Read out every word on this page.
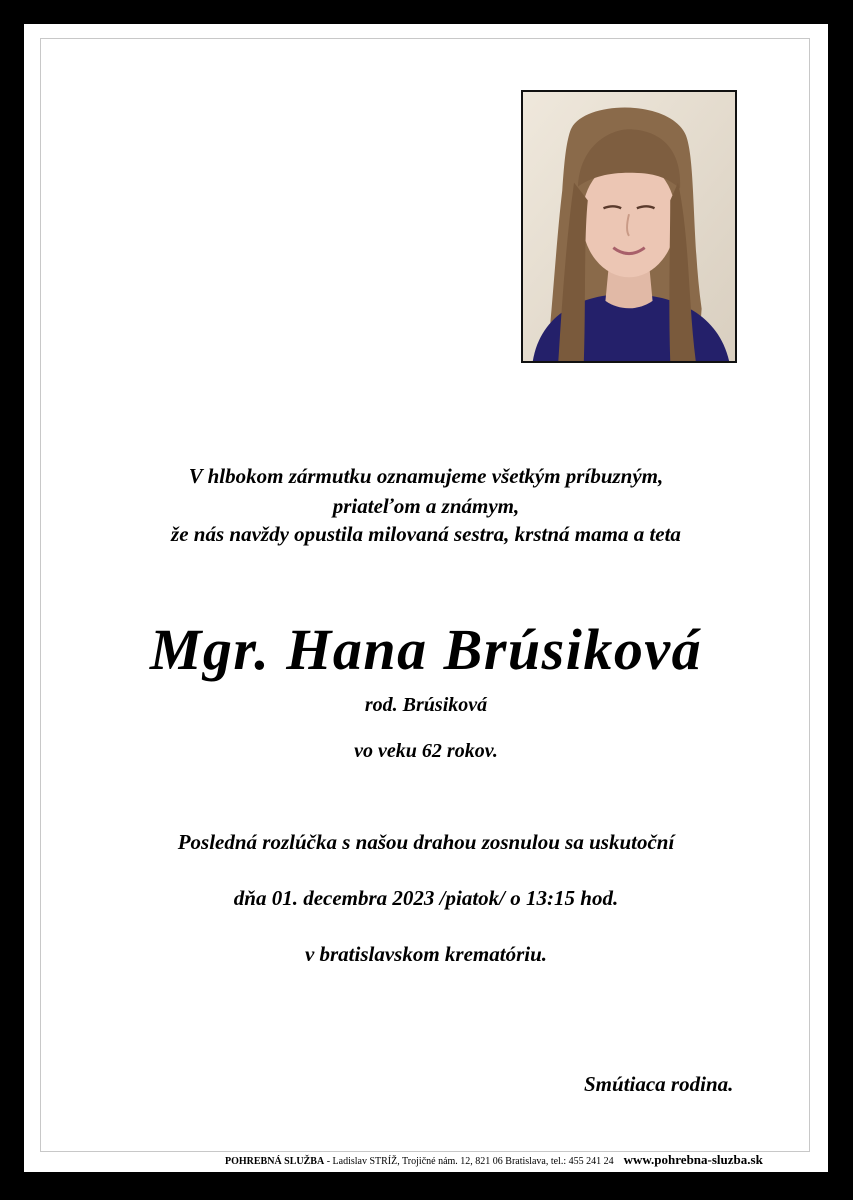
V hlbokom zármutku oznamujeme všetkým príbuzným,
priateľom a známym,
že nás navždy opustila milovaná sestra, krstná mama a teta
Mgr. Hana Brúsiková
rod. Brúsiková
vo veku 62 rokov.
Posledná rozlúčka s našou drahou zosnulou sa uskutoční
dňa 01. decembra 2023 /piatok/ o 13:15 hod.
v bratislavskom krematóriu.
Smútiaca rodina.
POHREBNÁ SLUŽBA - Ladislav STRÍŽ, Trojičné nám. 12, 821 06 Bratislava, tel.: 455 241 24 www.pohrebna-sluzba.sk
